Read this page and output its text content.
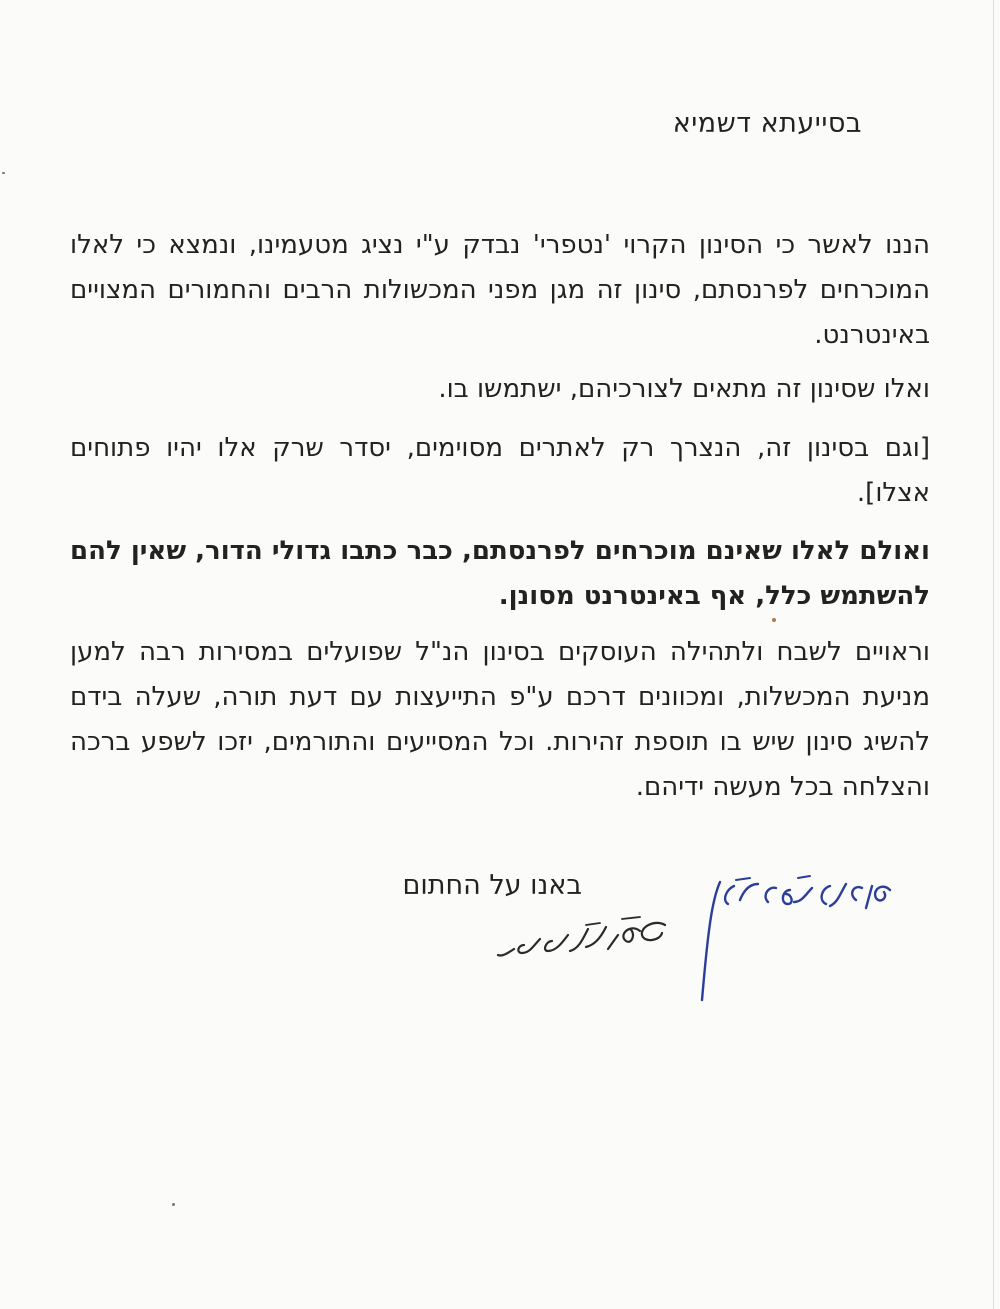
בסייעתא דשמיא

הננו לאשר כי הסינון הקרוי 'נטפרי' נבדק ע"י נציג מטעמינו, ונמצא כי לאלו המוכרחים לפרנסתם, סינון זה מגן מפני המכשולות הרבים והחמורים המצויים באינטרנט.

ואלו שסינון זה מתאים לצורכיהם, ישתמשו בו.

[וגם בסינון זה, הנצרך רק לאתרים מסוימים, יסדר שרק אלו יהיו פתוחים אצלו].

ואולם לאלו שאינם מוכרחים לפרנסתם, כבר כתבו גדולי הדור, שאין להם להשתמש כלל, אף באינטרנט מסונן.

וראויים לשבח ולתהילה העוסקים בסינון הנ"ל שפועלים במסירות רבה למען מניעת המכשלות, ומכוונים דרכם ע"פ התייעצות עם דעת תורה, שעלה בידם להשיג סינון שיש בו תוספת זהירות. וכל המסייעים והתורמים, יזכו לשפע ברכה והצלחה בכל מעשה ידיהם.

באנו על החתום
